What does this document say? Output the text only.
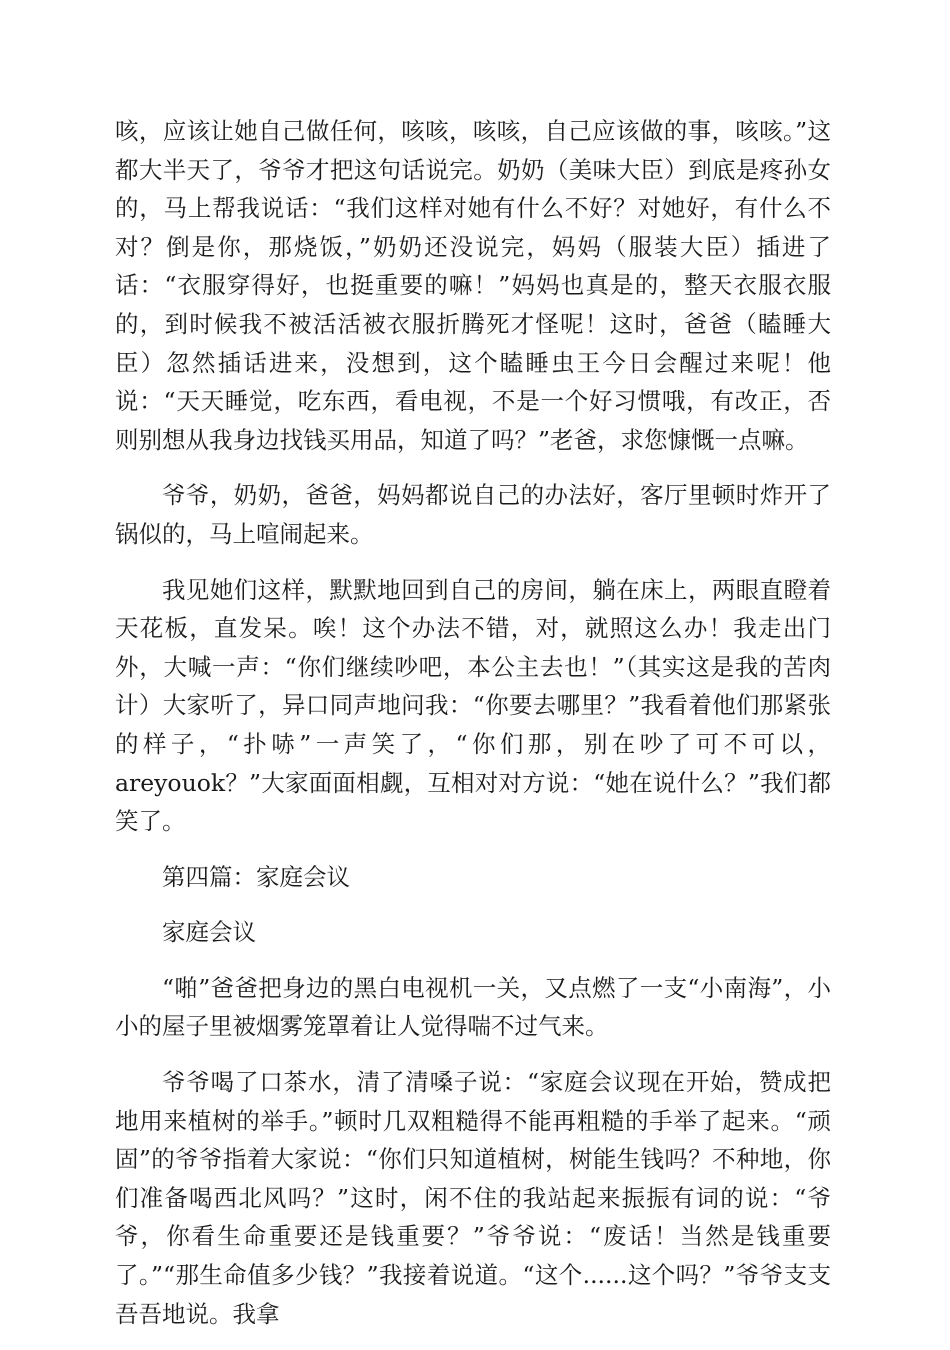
咳，应该让她自己做任何，咳咳，咳咳，自己应该做的事，咳咳。”这都大半天了，爷爷才把这句话说完。奶奶（美味大臣）到底是疼孙女的，马上帮我说话：“我们这样对她有什么不好？对她好，有什么不对？倒是你，那烧饭，”奶奶还没说完，妈妈（服装大臣）插进了话：“衣服穿得好，也挺重要的嘛！”妈妈也真是的，整天衣服衣服的，到时候我不被活活被衣服折腾死才怪呢！这时，爸爸（瞌睡大臣）忽然插话进来，没想到，这个瞌睡虫王今日会醒过来呢！他说：“天天睡觉，吃东西，看电视，不是一个好习惯哦，有改正，否则别想从我身边找钱买用品，知道了吗？”老爸，求您慷慨一点嘛。

爷爷，奶奶，爸爸，妈妈都说自己的办法好，客厅里顿时炸开了锅似的，马上喧闹起来。

我见她们这样，默默地回到自己的房间，躺在床上，两眼直瞪着天花板，直发呆。唉！这个办法不错，对，就照这么办！我走出门外，大喊一声：“你们继续吵吧，本公主去也！”（其实这是我的苦肉计）大家听了，异口同声地问我：“你要去哪里？”我看着他们那紧张的样子，“扑哧”一声笑了，“你们那，别在吵了可不可以，areyouok？”大家面面相觑，互相对对方说：“她在说什么？”我们都笑了。

第四篇：家庭会议

家庭会议

“啪”爸爸把身边的黑白电视机一关，又点燃了一支“小南海”，小小的屋子里被烟雾笼罩着让人觉得喘不过气来。

爷爷喝了口茶水，清了清嗓子说：“家庭会议现在开始，赞成把地用来植树的举手。”顿时几双粗糙得不能再粗糙的手举了起来。“顽固”的爷爷指着大家说：“你们只知道植树，树能生钱吗？不种地，你们准备喝西北风吗？”这时，闲不住的我站起来振振有词的说：“爷爷，你看生命重要还是钱重要？”爷爷说：“废话！当然是钱重要了。”“那生命值多少钱？”我接着说道。“这个......这个吗？”爷爷支支吾吾地说。我拿
